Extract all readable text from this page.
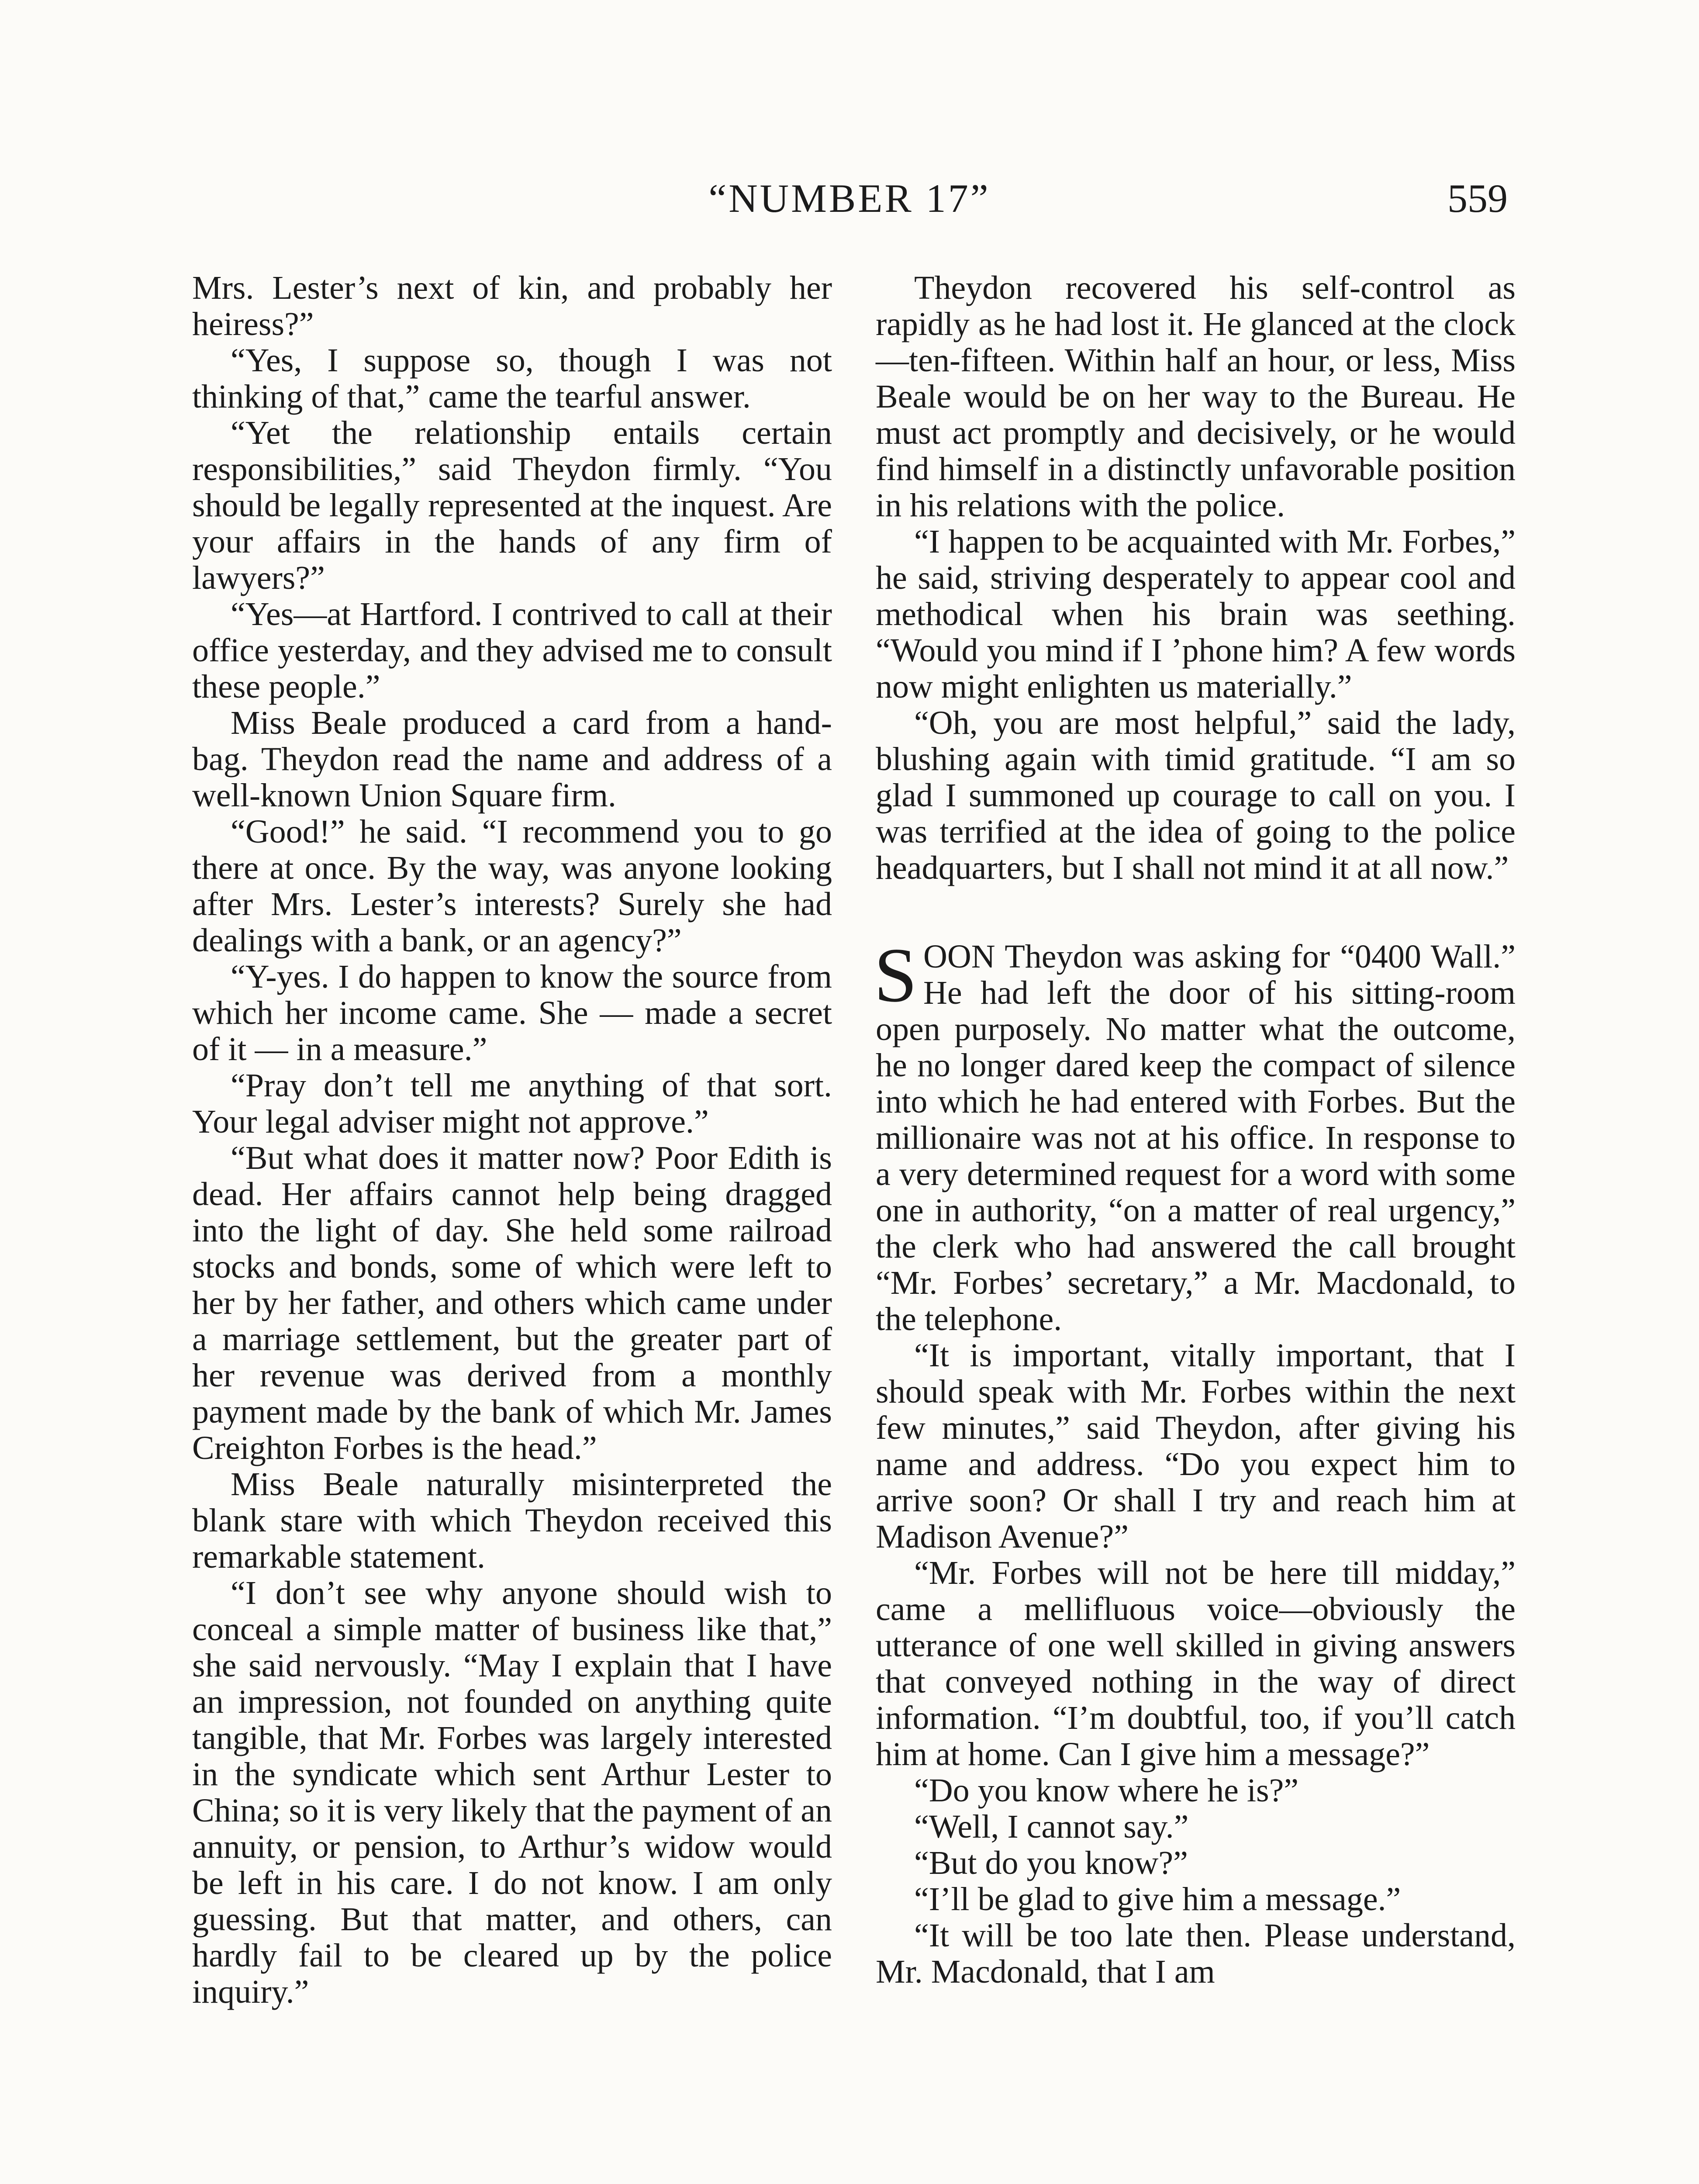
“NUMBER 17”	559

Mrs. Lester’s next of kin, and probably her heiress?”

“Yes, I suppose so, though I was not thinking of that,” came the tearful answer.

“Yet the relationship entails certain responsibilities,” said Theydon firmly. “You should be legally represented at the inquest. Are your affairs in the hands of any firm of lawyers?”

“Yes—at Hartford. I contrived to call at their office yesterday, and they advised me to consult these people.”

Miss Beale produced a card from a hand-bag. Theydon read the name and address of a well-known Union Square firm.

“Good!” he said. “I recommend you to go there at once. By the way, was anyone looking after Mrs. Lester’s interests? Surely she had dealings with a bank, or an agency?”

“Y-yes. I do happen to know the source from which her income came. She — made a secret of it — in a measure.”

“Pray don’t tell me anything of that sort. Your legal adviser might not approve.”

“But what does it matter now? Poor Edith is dead. Her affairs cannot help being dragged into the light of day. She held some railroad stocks and bonds, some of which were left to her by her father, and others which came under a marriage settlement, but the greater part of her revenue was derived from a monthly payment made by the bank of which Mr. James Creighton Forbes is the head.”

Miss Beale naturally misinterpreted the blank stare with which Theydon received this remarkable statement.

“I don’t see why anyone should wish to conceal a simple matter of business like that,” she said nervously. “May I explain that I have an impression, not founded on anything quite tangible, that Mr. Forbes was largely interested in the syndicate which sent Arthur Lester to China; so it is very likely that the payment of an annuity, or pension, to Arthur’s widow would be left in his care. I do not know. I am only guessing. But that matter, and others, can hardly fail to be cleared up by the police inquiry.”

Theydon recovered his self-control as rapidly as he had lost it. He glanced at the clock—ten-fifteen. Within half an hour, or less, Miss Beale would be on her way to the Bureau. He must act promptly and decisively, or he would find himself in a distinctly unfavorable position in his relations with the police.

“I happen to be acquainted with Mr. Forbes,” he said, striving desperately to appear cool and methodical when his brain was seething. “Would you mind if I ’phone him? A few words now might enlighten us materially.”

“Oh, you are most helpful,” said the lady, blushing again with timid gratitude. “I am so glad I summoned up courage to call on you. I was terrified at the idea of going to the police headquarters, but I shall not mind it at all now.”

SOON Theydon was asking for “0400 Wall.” He had left the door of his sitting-room open purposely. No matter what the outcome, he no longer dared keep the compact of silence into which he had entered with Forbes. But the millionaire was not at his office. In response to a very determined request for a word with some one in authority, “on a matter of real urgency,” the clerk who had answered the call brought “Mr. Forbes’ secretary,” a Mr. Macdonald, to the telephone.

“It is important, vitally important, that I should speak with Mr. Forbes within the next few minutes,” said Theydon, after giving his name and address. “Do you expect him to arrive soon? Or shall I try and reach him at Madison Avenue?”

“Mr. Forbes will not be here till midday,” came a mellifluous voice—obviously the utterance of one well skilled in giving answers that conveyed nothing in the way of direct information. “I’m doubtful, too, if you’ll catch him at home. Can I give him a message?”

“Do you know where he is?”

“Well, I cannot say.”

“But do you know?”

“I’ll be glad to give him a message.”

“It will be too late then. Please understand, Mr. Macdonald, that I am
